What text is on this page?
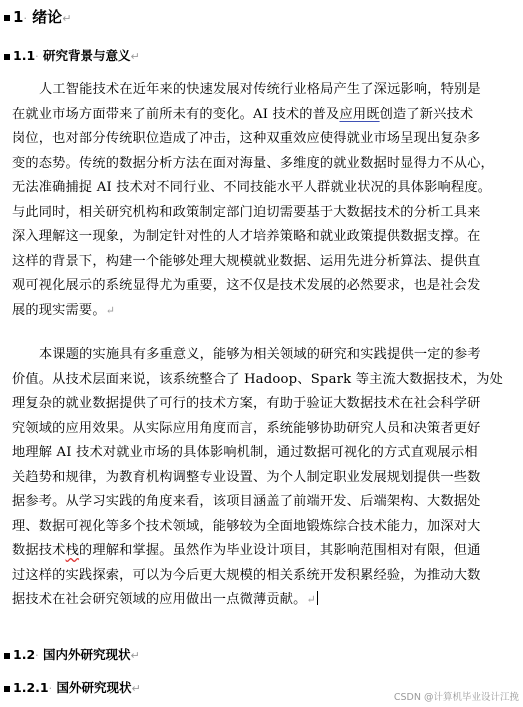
1· 绪论↵
1.1· 研究背景与意义↵
人工智能技术在近年来的快速发展对传统行业格局产生了深远影响，特别是
在就业市场方面带来了前所未有的变化。AI 技术的普及应用既创造了新兴技术
岗位，也对部分传统职位造成了冲击，这种双重效应使得就业市场呈现出复杂多
变的态势。传统的数据分析方法在面对海量、多维度的就业数据时显得力不从心，
无法准确捕捉 AI 技术对不同行业、不同技能水平人群就业状况的具体影响程度。
与此同时，相关研究机构和政策制定部门迫切需要基于大数据技术的分析工具来
深入理解这一现象，为制定针对性的人才培养策略和就业政策提供数据支撑。在
这样的背景下，构建一个能够处理大规模就业数据、运用先进分析算法、提供直
观可视化展示的系统显得尤为重要，这不仅是技术发展的必然要求，也是社会发
展的现实需要。↵
本课题的实施具有多重意义，能够为相关领域的研究和实践提供一定的参考
价值。从技术层面来说，该系统整合了 Hadoop、Spark 等主流大数据技术，为处
理复杂的就业数据提供了可行的技术方案，有助于验证大数据技术在社会科学研
究领域的应用效果。从实际应用角度而言，系统能够协助研究人员和决策者更好
地理解 AI 技术对就业市场的具体影响机制，通过数据可视化的方式直观展示相
关趋势和规律，为教育机构调整专业设置、为个人制定职业发展规划提供一些数
据参考。从学习实践的角度来看，该项目涵盖了前端开发、后端架构、大数据处
理、数据可视化等多个技术领域，能够较为全面地锻炼综合技术能力，加深对大
数据技术栈的理解和掌握。虽然作为毕业设计项目，其影响范围相对有限，但通
过这样的实践探索，可以为今后更大规模的相关系统开发积累经验，为推动大数
据技术在社会研究领域的应用做出一点微薄贡献。↵
1.2· 国内外研究现状↵
1.2.1· 国外研究现状↵
CSDN @计算机毕业设计江挽
